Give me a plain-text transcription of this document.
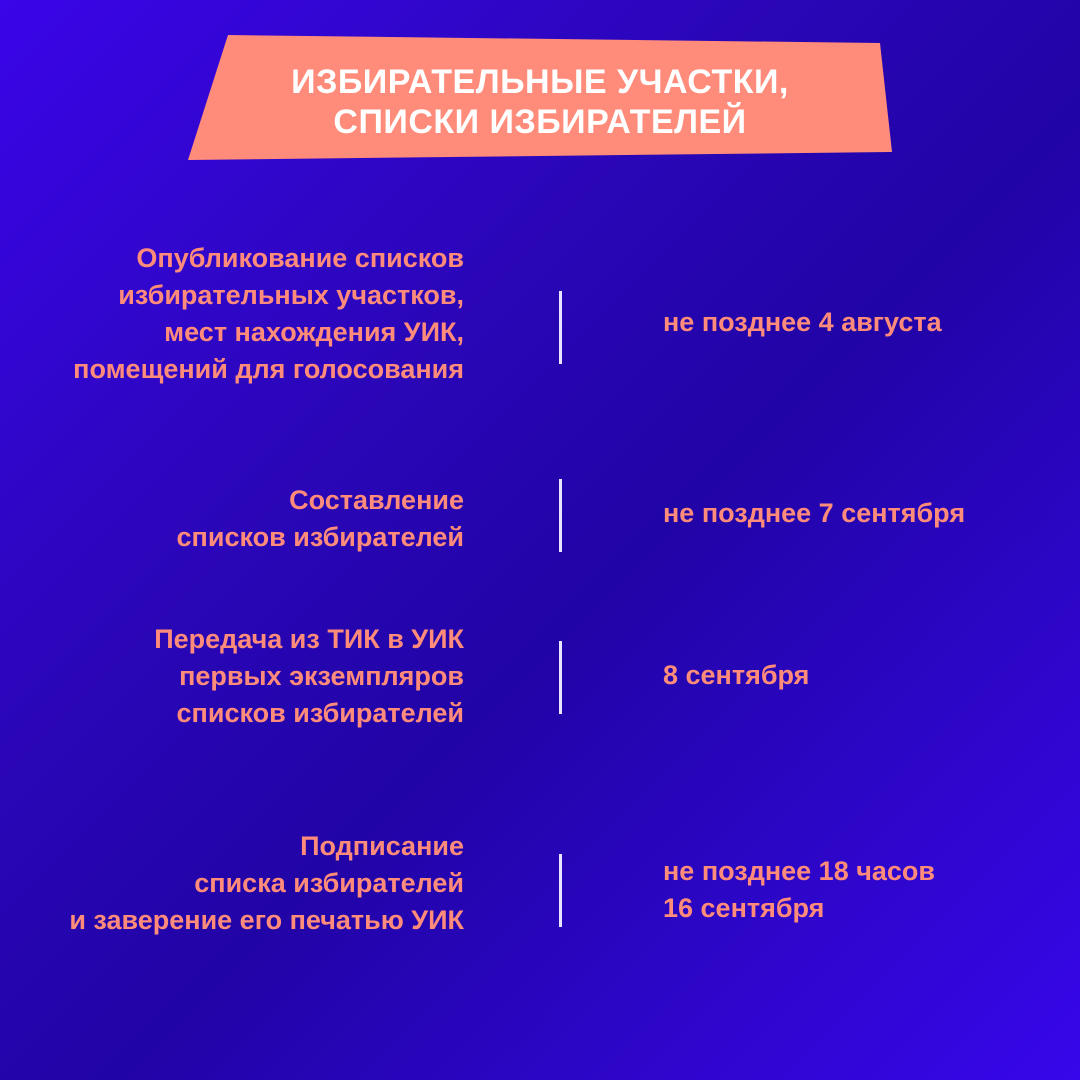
ИЗБИРАТЕЛЬНЫЕ УЧАСТКИ,
СПИСКИ ИЗБИРАТЕЛЕЙ
Опубликование списков
избирательных участков,
мест нахождения УИК,
помещений для голосования
не позднее 4 августа
Составление
списков избирателей
не позднее 7 сентября
Передача из ТИК в УИК
первых экземпляров
списков избирателей
8 сентября
Подписание
списка избирателей
и заверение его печатью УИК
не позднее 18 часов
16 сентября
